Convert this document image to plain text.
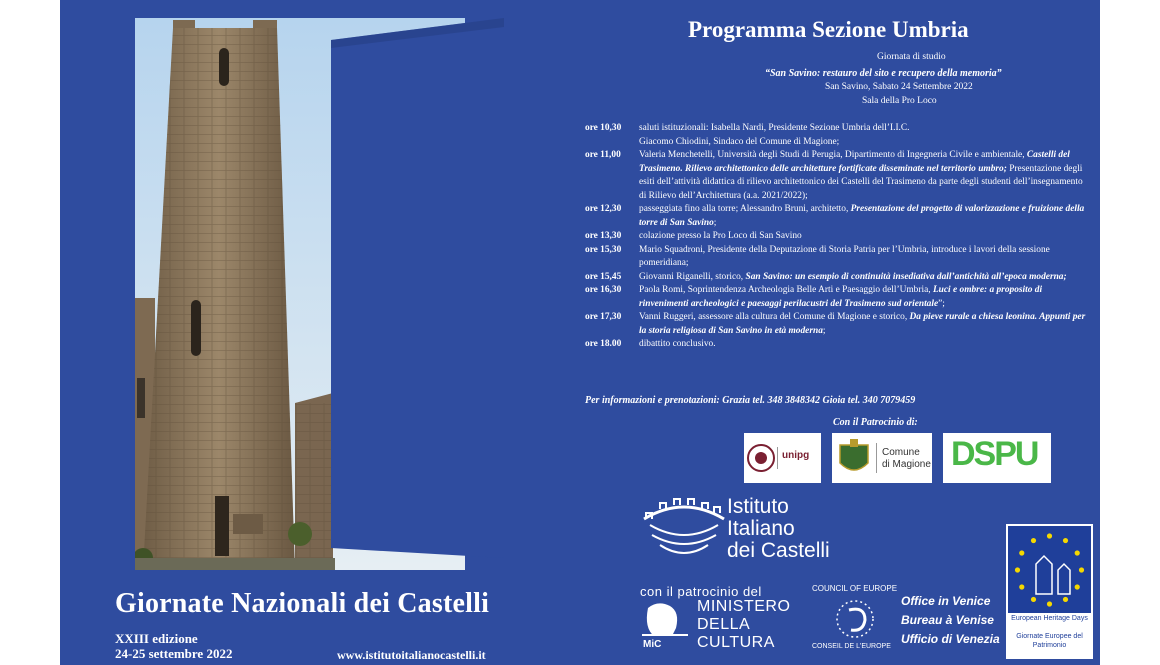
Giornate Nazionali dei Castelli
XXIII edizione
24-25 settembre 2022	www.istitutoitalianocastelli.it
Programma Sezione Umbria
Giornata di studio
“San Savino: restauro del sito e recupero della memoria”
San Savino, Sabato 24 Settembre 2022
Sala della Pro Loco
ore 10,30	saluti istituzionali: Isabella Nardi, Presidente Sezione Umbria dell’I.I.C.
Giacomo Chiodini, Sindaco del Comune di Magione;
ore 11,00	Valeria Menchetelli, Università degli Studi di Perugia, Dipartimento di Ingegneria Civile e ambientale, Castelli del Trasimeno. Rilievo architettonico delle architetture fortificate disseminate nel territorio umbro; Presentazione degli esiti dell’attività didattica di rilievo architettonico dei Castelli del Trasimeno da parte degli studenti dell’insegnamento di Rilievo dell’Architettura (a.a. 2021/2022);
ore 12,30	passeggiata fino alla torre; Alessandro Bruni, architetto, Presentazione del progetto di valorizzazione e fruizione della torre di San Savino;
ore 13,30	colazione presso la Pro Loco di San Savino
ore 15,30	Mario Squadroni, Presidente della Deputazione di Storia Patria per l’Umbria, introduce i lavori della sessione pomeridiana;
ore 15,45	Giovanni Riganelli, storico, San Savino: un esempio di continuità insediativa dall’antichità all’epoca moderna;
ore 16,30	Paola Romi, Soprintendenza Archeologia Belle Arti e Paesaggio dell’Umbria, Luci e ombre: a proposito di rinvenimenti archeologici e paesaggi perilacustri del Trasimeno sud orientale”;
ore 17,30	Vanni Ruggeri, assessore alla cultura del Comune di Magione e storico, Da pieve rurale a chiesa leonina. Appunti per la storia religiosa di San Savino in età moderna;
ore 18.00	dibattito conclusivo.
Per informazioni e prenotazioni: Grazia tel. 348 3848342 Gioia tel. 340 7079459
Con il Patrocinio di:
unipg	Comune
di Magione DSPU
Istituto
Italiano
dei Castelli
con il patrocinio del
MINISTERO
DELLA
CULTURA
MiC
COUNCIL OF EUROPE
CONSEIL DE L'EUROPE
Office in Venice
Bureau à Venise
Ufficio di Venezia
European Heritage Days
Giornate Europee del Patrimonio
